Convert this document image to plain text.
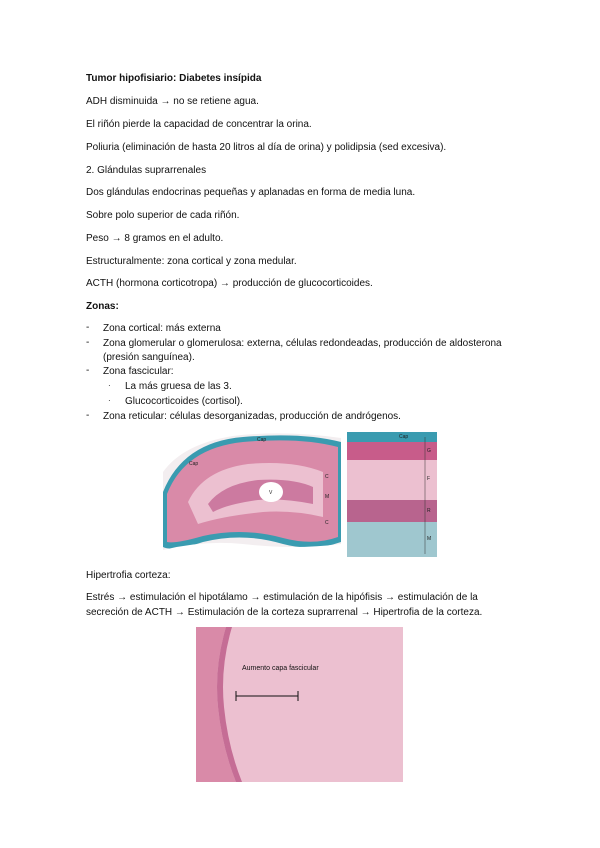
Tumor hipofisiario: Diabetes insípida
ADH disminuida → no se retiene agua.
El riñón pierde la capacidad de concentrar la orina.
Poliuria (eliminación de hasta 20 litros al día de orina) y polidipsia (sed excesiva).
2. Glándulas suprarrenales
Dos glándulas endocrinas pequeñas y aplanadas en forma de media luna.
Sobre polo superior de cada riñón.
Peso → 8 gramos en el adulto.
Estructuralmente: zona cortical y zona medular.
ACTH (hormona corticotropa) → producción de glucocorticoides.
Zonas:
- Zona cortical: más externa
- Zona glomerular o glomerulosa: externa, células redondeadas, producción de aldosterona
(presión sanguínea).
- Zona fascicular:
· La más gruesa de las 3.
· Glucocorticoides (cortisol).
- Zona reticular: células desorganizadas, producción de andrógenos.
Cap
Cap
V
C
M
C
Cap
G
F
R
M
Hipertrofia corteza:
Estrés → estimulación el hipotálamo → estimulación de la hipófisis → estimulación de la
secreción de ACTH → Estimulación de la corteza suprarrenal → Hipertrofia de la corteza.
Aumento capa fascicular
